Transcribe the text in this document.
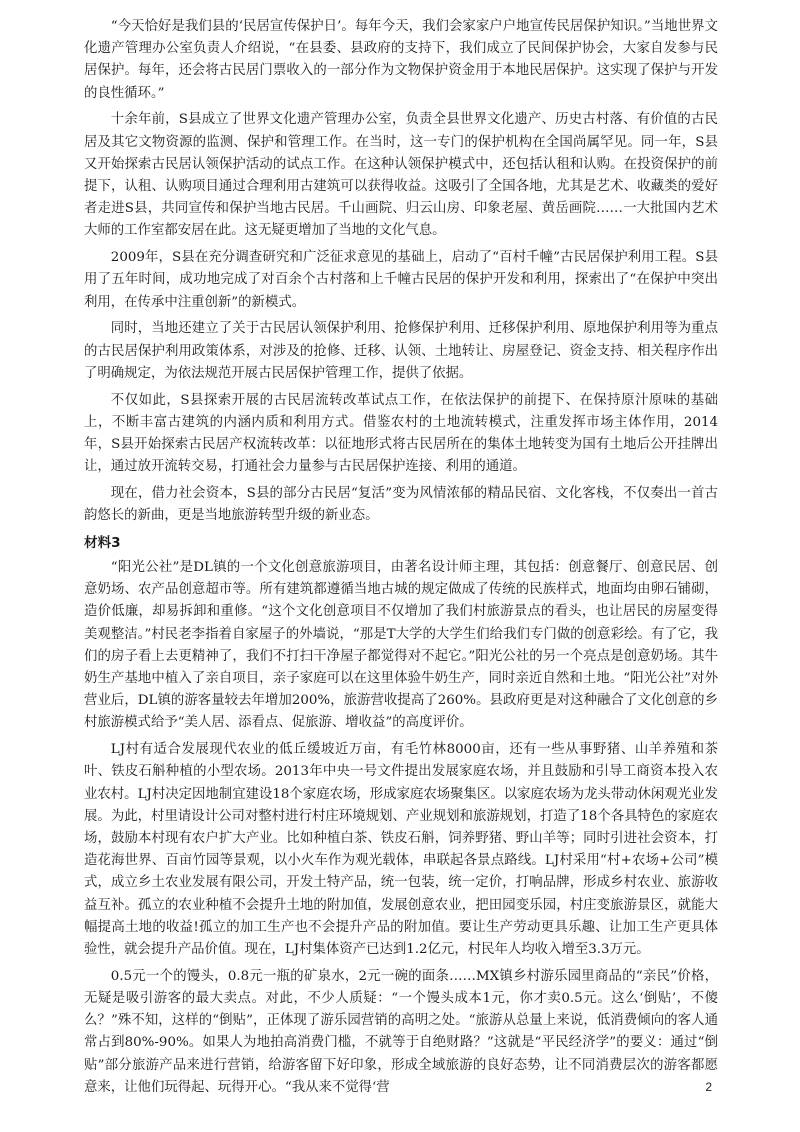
“今天恰好是我们县的‘民居宣传保护日’。每年今天，我们会家家户户地宣传民居保护知识。”当地世界文化遗产管理办公室负责人介绍说，“在县委、县政府的支持下，我们成立了民间保护协会，大家自发参与民居保护。每年，还会将古民居门票收入的一部分作为文物保护资金用于本地民居保护。这实现了保护与开发的良性循环。”

十余年前，S县成立了世界文化遗产管理办公室，负责全县世界文化遗产、历史古村落、有价值的古民居及其它文物资源的监测、保护和管理工作。在当时，这一专门的保护机构在全国尚属罕见。同一年，S县又开始探索古民居认领保护活动的试点工作。在这种认领保护模式中，还包括认租和认购。在投资保护的前提下，认租、认购项目通过合理利用古建筑可以获得收益。这吸引了全国各地，尤其是艺术、收藏类的爱好者走进S县，共同宣传和保护当地古民居。千山画院、归云山房、印象老屋、黄岳画院……一大批国内艺术大师的工作室都安居在此。这无疑更增加了当地的文化气息。

2009年，S县在充分调查研究和广泛征求意见的基础上，启动了“百村千幢”古民居保护利用工程。S县用了五年时间，成功地完成了对百余个古村落和上千幢古民居的保护开发和利用，探索出了“在保护中突出利用，在传承中注重创新”的新模式。

同时，当地还建立了关于古民居认领保护利用、抢修保护利用、迁移保护利用、原地保护利用等为重点的古民居保护利用政策体系，对涉及的抢修、迁移、认领、土地转让、房屋登记、资金支持、相关程序作出了明确规定，为依法规范开展古民居保护管理工作，提供了依据。

不仅如此，S县探索开展的古民居流转改革试点工作，在依法保护的前提下、在保持原汁原味的基础上，不断丰富古建筑的内涵内质和利用方式。借鉴农村的土地流转模式，注重发挥市场主体作用，2014年，S县开始探索古民居产权流转改革：以征地形式将古民居所在的集体土地转变为国有土地后公开挂牌出让，通过放开流转交易，打通社会力量参与古民居保护连接、利用的通道。

现在，借力社会资本，S县的部分古民居“复活”变为风情浓郁的精品民宿、文化客栈，不仅奏出一首古韵悠长的新曲，更是当地旅游转型升级的新业态。

材料3

“阳光公社”是DL镇的一个文化创意旅游项目，由著名设计师主理，其包括：创意餐厅、创意民居、创意奶场、农产品创意超市等。所有建筑都遵循当地古城的规定做成了传统的民族样式，地面均由卵石铺砌，造价低廉，却易拆卸和重修。“这个文化创意项目不仅增加了我们村旅游景点的看头，也让居民的房屋变得美观整洁。”村民老李指着自家屋子的外墙说，“那是T大学的大学生们给我们专门做的创意彩绘。有了它，我们的房子看上去更精神了，我们不打扫干净屋子都觉得对不起它。”阳光公社的另一个亮点是创意奶场。其牛奶生产基地中植入了亲自项目，亲子家庭可以在这里体验牛奶生产，同时亲近自然和土地。“阳光公社”对外营业后，DL镇的游客量较去年增加200%，旅游营收提高了260%。县政府更是对这种融合了文化创意的乡村旅游模式给予“美人居、添看点、促旅游、增收益”的高度评价。

LJ村有适合发展现代农业的低丘缓坡近万亩，有毛竹林8000亩，还有一些从事野猪、山羊养殖和茶叶、铁皮石斛种植的小型农场。2013年中央一号文件提出发展家庭农场，并且鼓励和引导工商资本投入农业农村。LJ村决定因地制宜建设18个家庭农场，形成家庭农场聚集区。以家庭农场为龙头带动休闲观光业发展。为此，村里请设计公司对整村进行村庄环境规划、产业规划和旅游规划，打造了18个各具特色的家庭农场，鼓励本村现有农户扩大产业。比如种植白茶、铁皮石斛，饲养野猪、野山羊等；同时引进社会资本，打造花海世界、百亩竹园等景观，以小火车作为观光载体，串联起各景点路线。LJ村采用“村+农场+公司”模式，成立乡土农业发展有限公司，开发土特产品，统一包装，统一定价，打响品牌，形成乡村农业、旅游收益互补。孤立的农业种植不会提升土地的附加值，发展创意农业，把田园变乐园，村庄变旅游景区，就能大幅提高土地的收益!孤立的加工生产也不会提升产品的附加值。要让生产劳动更具乐趣、让加工生产更具体验性，就会提升产品价值。现在，LJ村集体资产已达到1.2亿元，村民年人均收入增至3.3万元。

0.5元一个的馒头，0.8元一瓶的矿泉水，2元一碗的面条……MX镇乡村游乐园里商品的“亲民”价格，无疑是吸引游客的最大卖点。对此，不少人质疑：“一个馒头成本1元，你才卖0.5元。这么‘倒贴’，不傻么？”殊不知，这样的“倒贴”，正体现了游乐园营销的高明之处。“旅游从总量上来说，低消费倾向的客人通常占到80%-90%。如果人为地拍高消费门槛，不就等于自绝财路？”这就是“平民经济学”的要义：通过“倒贴”部分旅游产品来进行营销，给游客留下好印象，形成全域旅游的良好态势，让不同消费层次的游客都愿意来，让他们玩得起、玩得开心。“我从来不觉得‘营	2
